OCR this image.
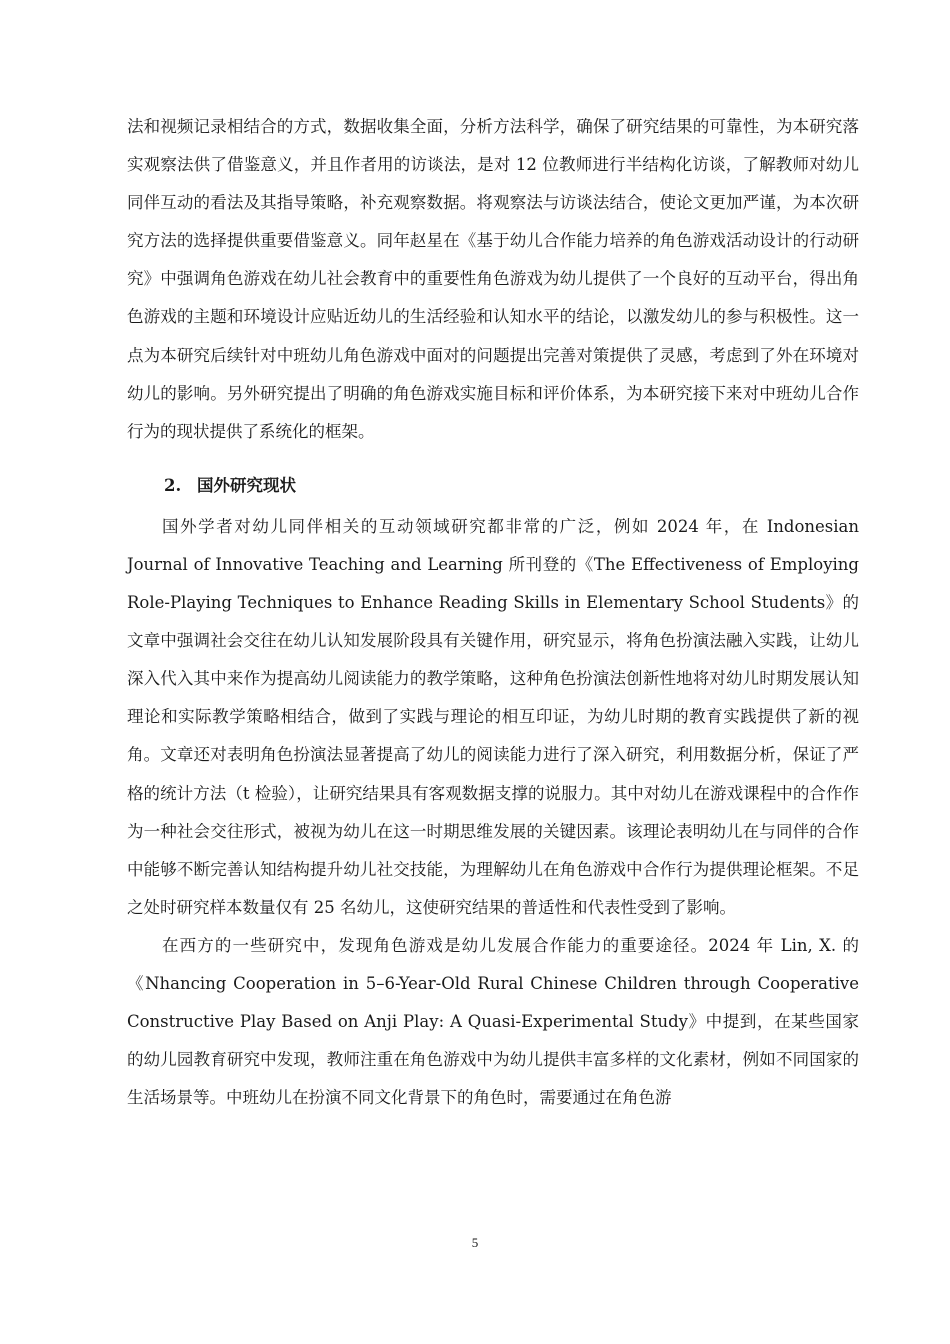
法和视频记录相结合的方式，数据收集全面，分析方法科学，确保了研究结果的可靠性，为本研究落实观察法供了借鉴意义，并且作者用的访谈法，是对 12 位教师进行半结构化访谈，了解教师对幼儿同伴互动的看法及其指导策略，补充观察数据。将观察法与访谈法结合，使论文更加严谨，为本次研究方法的选择提供重要借鉴意义。同年赵星在《基于幼儿合作能力培养的角色游戏活动设计的行动研究》中强调角色游戏在幼儿社会教育中的重要性角色游戏为幼儿提供了一个良好的互动平台，得出角色游戏的主题和环境设计应贴近幼儿的生活经验和认知水平的结论，以激发幼儿的参与积极性。这一点为本研究后续针对中班幼儿角色游戏中面对的问题提出完善对策提供了灵感，考虑到了外在环境对幼儿的影响。另外研究提出了明确的角色游戏实施目标和评价体系，为本研究接下来对中班幼儿合作行为的现状提供了系统化的框架。

2. 国外研究现状

国外学者对幼儿同伴相关的互动领域研究都非常的广泛，例如 2024 年，在 Indonesian Journal of Innovative Teaching and Learning 所刊登的《The Effectiveness of Employing Role-Playing Techniques to Enhance Reading Skills in Elementary School Students》的文章中强调社会交往在幼儿认知发展阶段具有关键作用，研究显示，将角色扮演法融入实践，让幼儿深入代入其中来作为提高幼儿阅读能力的教学策略，这种角色扮演法创新性地将对幼儿时期发展认知理论和实际教学策略相结合，做到了实践与理论的相互印证，为幼儿时期的教育实践提供了新的视角。文章还对表明角色扮演法显著提高了幼儿的阅读能力进行了深入研究，利用数据分析，保证了严格的统计方法（t 检验），让研究结果具有客观数据支撑的说服力。其中对幼儿在游戏课程中的合作作为一种社会交往形式，被视为幼儿在这一时期思维发展的关键因素。该理论表明幼儿在与同伴的合作中能够不断完善认知结构提升幼儿社交技能，为理解幼儿在角色游戏中合作行为提供理论框架。不足之处时研究样本数量仅有 25 名幼儿，这使研究结果的普适性和代表性受到了影响。

在西方的一些研究中，发现角色游戏是幼儿发展合作能力的重要途径。2024 年 Lin, X. 的《Nhancing Cooperation in 5–6-Year-Old Rural Chinese Children through Cooperative Constructive Play Based on Anji Play: A Quasi-Experimental Study》中提到，在某些国家的幼儿园教育研究中发现，教师注重在角色游戏中为幼儿提供丰富多样的文化素材，例如不同国家的生活场景等。中班幼儿在扮演不同文化背景下的角色时，需要通过在角色游

5
